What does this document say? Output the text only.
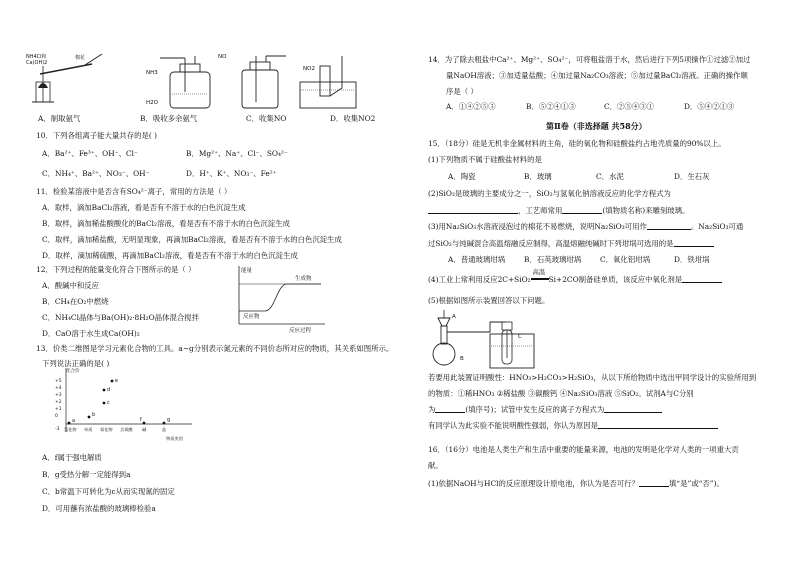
NH4Cl和
Ca(OH)2
棉花
NH3
H2O
NO
NO2
A．制取氨气	B．吸收多余氨气	C．收集NO	D．收集NO2
10．下列各组离子能大量共存的是( )
A．Ba²⁺、Fe³⁺、OH⁻、Cl⁻	B．Mg²⁺、Na⁺、Cl⁻、SO₄²⁻
C．NH₄⁺、Ba²⁺、NO₃⁻、OH⁻	D．H⁺、K⁺、NO₃⁻、Fe²⁺
11．检验某溶液中是否含有SO₄²⁻离子，常用的方法是（ ）
A．取样，滴加BaCl₂溶液，看是否有不溶于水的白色沉淀生成
B．取样，滴加稀盐酸酸化的BaCl₂溶液，看是否有不溶于水的白色沉淀生成
C．取样，滴加稀盐酸，无明显现象，再滴加BaCl₂溶液，看是否有不溶于水的白色沉淀生成
D．取样，滴加稀硫酸，再滴加BaCl₂溶液，看是否有不溶于水的白色沉淀生成
12．下列过程的能量变化符合下图所示的是（ ）
A．酸碱中和反应
B．CH₄在O₂中燃烧
C．NH₄Cl晶体与Ba(OH)₂·8H₂O晶体混合搅拌
D．CaO溶于水生成Ca(OH)₂
能量
生成物
反应物
反应过程
13．价类二维图是学习元素化合物的工具。a~g分别表示氮元素的不同价态所对应的物质，其关系如图所示。
下列说法正确的是( )
化合价
+5
+4
+3
+2
+1
0
-3 氢化物 单质 氧化物 含氧酸 碱	盐
物质类别
a
b
c
d
e
f	g
A．f属于强电解质
B．g受热分解一定能得到a
C．b常温下可转化为c从而实现氮的固定
D．可用蘸有浓盐酸的玻璃棒检验a
14．为了除去粗盐中Ca²⁺、Mg²⁺、SO₄²⁻，可将粗盐溶于水，然后进行下列5项操作①过滤②加过
量NaOH溶液；③加适量盐酸；④加过量Na₂CO₃溶液；⑤加过量BaCl₂溶液。正确的操作顺
序是（ ）
A．①④②⑤③	B．⑤②④①③	C．②⑤④③①	D．⑤④②①③
第Ⅱ卷（非选择题 共58分）
15．（18分）硅是无机非金属材料的主角，硅的氧化物和硅酸盐约占地壳质量的90%以上。
(1)下列物质不属于硅酸盐材料的是
A．陶瓷	B．玻璃	C．水泥	D．生石灰
(2)SiO₂是玻璃的主要成分之一，SiO₂与氢氧化钠溶液反应的化学方程式为
，工艺师常用	(填物质名称)来雕刻玻璃。
(3)用Na₂SiO₃水溶液浸泡过的棉花不易燃烧，说明Na₂SiO₃可用作	。Na₂SiO₃可通
过SiO₂与纯碱混合高温熔融反应制得，高温熔融纯碱时下列坩埚可选用的是
A．普通玻璃坩埚	B．石英玻璃坩埚	C．氧化铝坩埚	D．铁坩埚
(4)工业上常利用反应2C+SiO₂
高温
Si+2CO制备硅单质，该反应中氧化剂是
(5)根据如图所示装置回答以下问题。
A
B
C
若要用此装置证明酸性：HNO₃>H₂CO₃>H₂SiO₃，从以下所给物质中选出甲同学设计的实验所用到
的物质：①稀HNO₃ ②稀盐酸 ③碳酸钙 ④Na₂SiO₃溶液 ⑤SiO₂。试剂A与C分别
为	(填序号)；试管中发生反应的离子方程式为
有同学认为此实验不能说明酸性强弱，你认为原因是
16．（16分）电池是人类生产和生活中重要的能量来源，电池的发明是化学对人类的一项重大贡
献。
(1)依据NaOH与HCl的反应原理设计原电池，你认为是否可行？	填“是”或“否”)。
